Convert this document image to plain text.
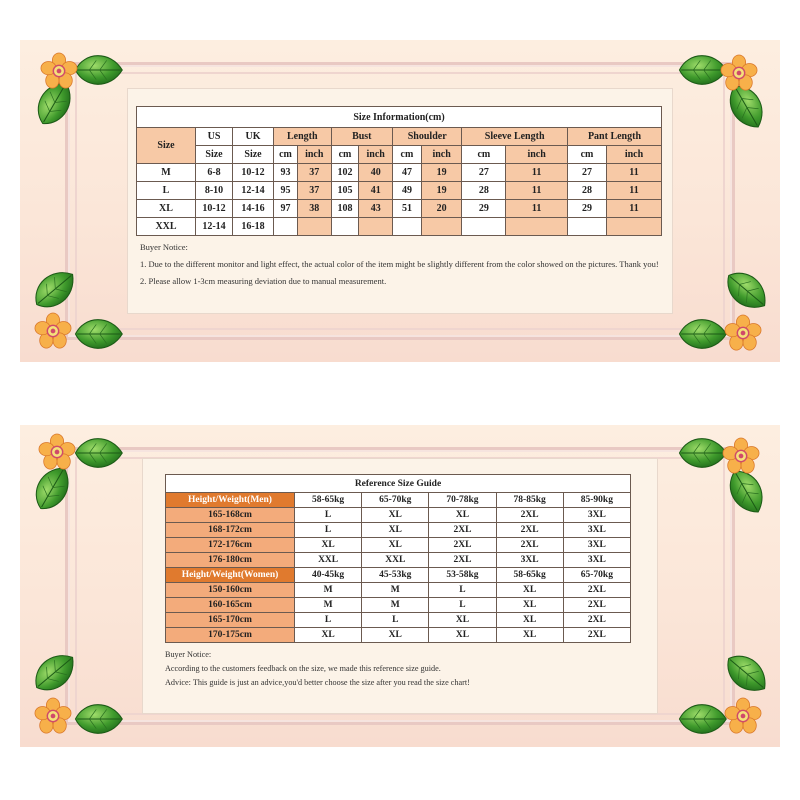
Size Information(cm)												
Size	US	UK	Length		Bust		Shoulder		Sleeve Length		Pant Length	
	Size	Size	cm	inch	cm	inch	cm	inch	cm	inch	cm	inch
M	6-8	10-12	93	37	102	40	47	19	27	11	27	11
L	8-10	12-14	95	37	105	41	49	19	28	11	28	11
XL	10-12	14-16	97	38	108	43	51	20	29	11	29	11
XXL	12-14	16-18										
Buyer Notice:
1. Due to the different monitor and light effect, the actual color of the item might be slightly different from the color showed on the pictures. Thank you!
2. Please allow 1-3cm measuring deviation due to manual measurement.
Reference Size Guide					
Height/Weight(Men)	58-65kg	65-70kg	70-78kg	78-85kg	85-90kg
165-168cm	L	XL	XL	2XL	3XL
168-172cm	L	XL	2XL	2XL	3XL
172-176cm	XL	XL	2XL	2XL	3XL
176-180cm	XXL	XXL	2XL	3XL	3XL
Height/Weight(Women)	40-45kg	45-53kg	53-58kg	58-65kg	65-70kg
150-160cm	M	M	L	XL	2XL
160-165cm	M	M	L	XL	2XL
165-170cm	L	L	XL	XL	2XL
170-175cm	XL	XL	XL	XL	2XL
Buyer Notice:
According to the customers feedback on the size, we made this reference size guide.
Advice: This guide is just an advice,you'd better choose the size after you read the size chart!
